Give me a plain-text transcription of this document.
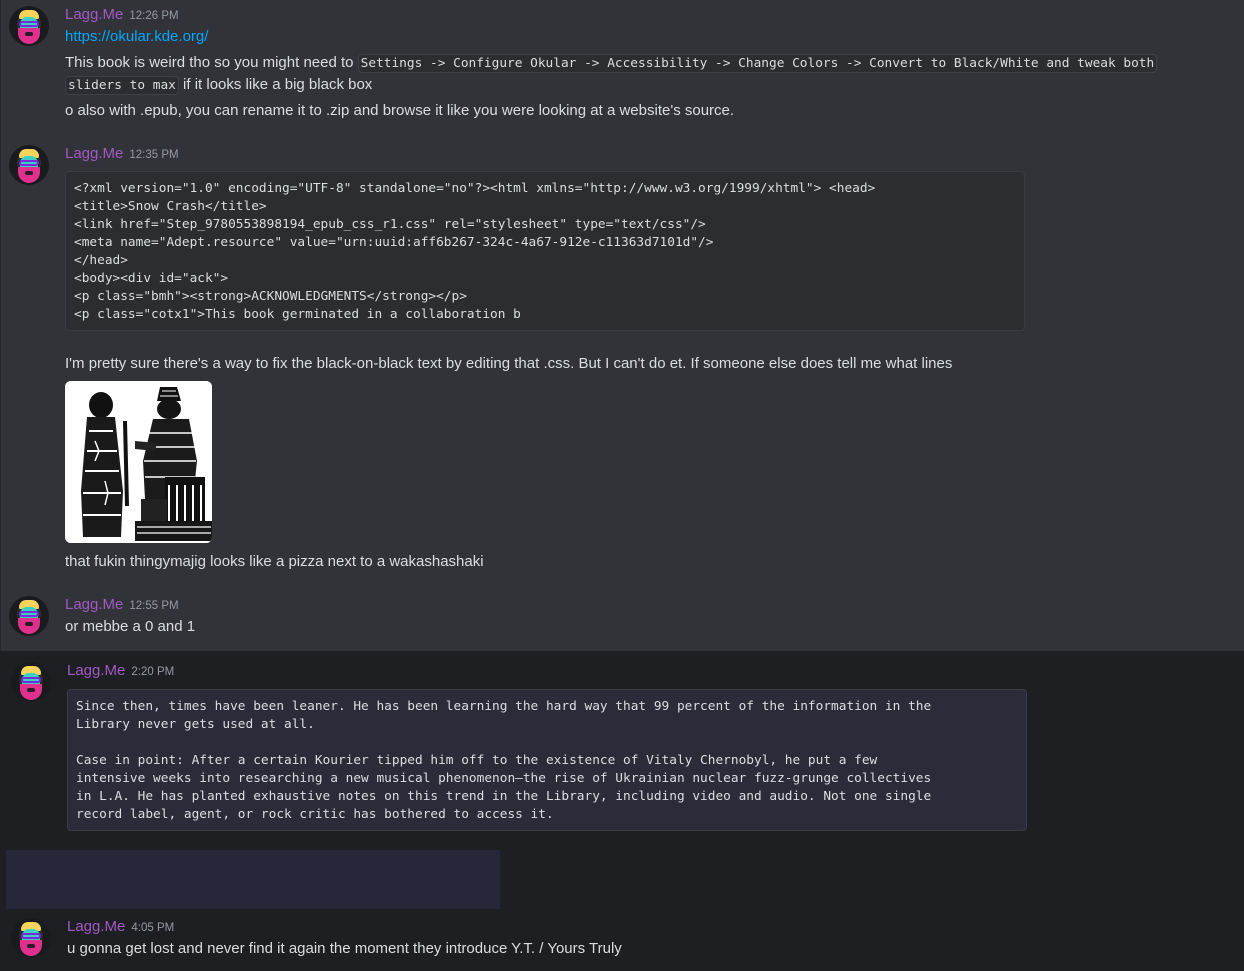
Lagg.Me 12:26 PM
https://okular.kde.org/
This book is weird tho so you might need to Settings -> Configure Okular -> Accessibility -> Change Colors -> Convert to Black/White and tweak both
sliders to max if it looks like a big black box
o also with .epub, you can rename it to .zip and browse it like you were looking at a website's source.
Lagg.Me 12:35 PM
<?xml version="1.0" encoding="UTF-8" standalone="no"?><html xmlns="http://www.w3.org/1999/xhtml"> <head>
<title>Snow Crash</title>
<link href="Step_9780553898194_epub_css_r1.css" rel="stylesheet" type="text/css"/>
<meta name="Adept.resource" value="urn:uuid:aff6b267-324c-4a67-912e-c11363d7101d"/>
</head>
<body><div id="ack">
<p class="bmh"><strong>ACKNOWLEDGMENTS</strong></p>
<p class="cotx1">This book germinated in a collaboration b
I'm pretty sure there's a way to fix the black-on-black text by editing that .css. But I can't do et. If someone else does tell me what lines
that fukin thingymajig looks like a pizza next to a wakashashaki
Lagg.Me 12:55 PM
or mebbe a 0 and 1
Lagg.Me 2:20 PM
Since then, times have been leaner. He has been learning the hard way that 99 percent of the information in the
Library never gets used at all.
Case in point: After a certain Kourier tipped him off to the existence of Vitaly Chernobyl, he put a few
intensive weeks into researching a new musical phenomenon—the rise of Ukrainian nuclear fuzz-grunge collectives
in L.A. He has planted exhaustive notes on this trend in the Library, including video and audio. Not one single
record label, agent, or rock critic has bothered to access it.
Lagg.Me 4:05 PM
u gonna get lost and never find it again the moment they introduce Y.T. / Yours Truly
